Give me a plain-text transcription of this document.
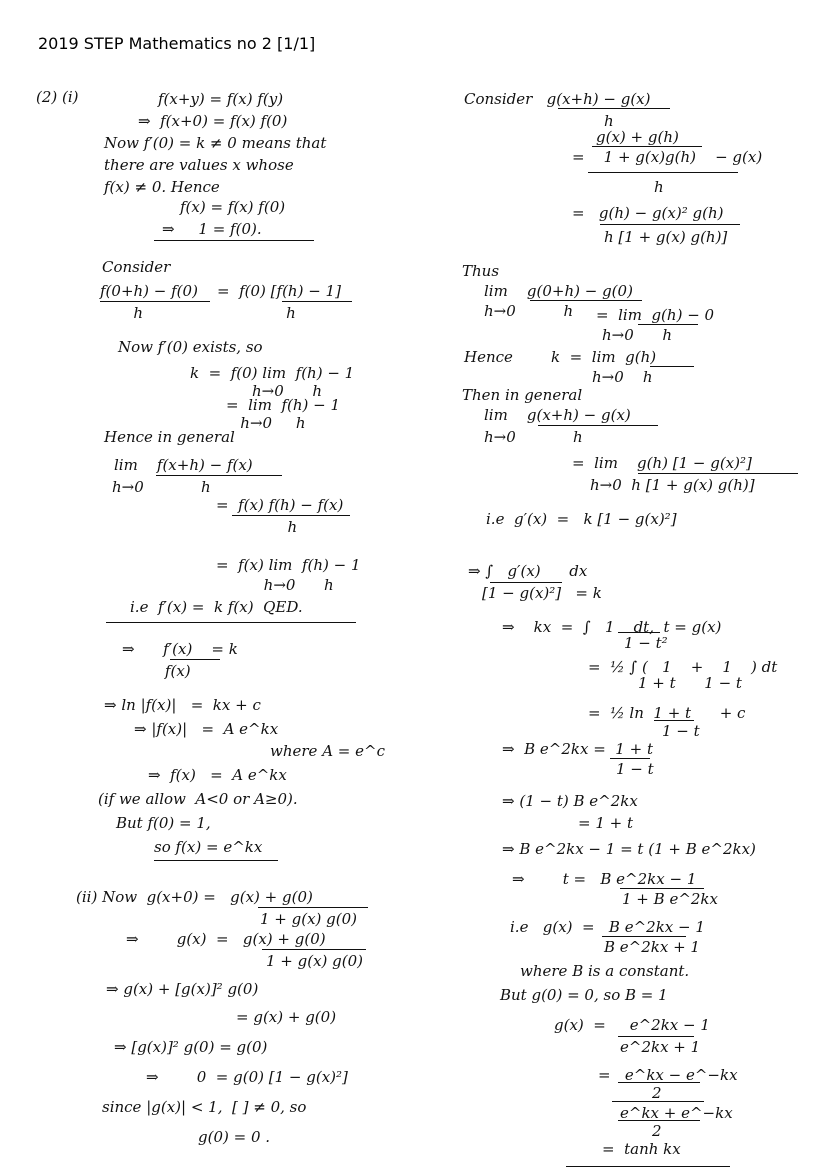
2019 STEP Mathematics no 2 [1/1]
(2) (i)	f(x+y) = f(x) f(y)
⇒  f(x+0) = f(x) f(0)
Now f′(0) = k ≠ 0 means that
there are values x whose
f(x) ≠ 0. Hence
f(x) = f(x) f(0)
⇒     1 = f(0).
Consider
f(0+h) − f(0)    =  f(0) [f(h) − 1]
h                              h
Now f′(0) exists, so
k  =  f(0) lim  f(h) − 1
h→0      h
=  lim  f(h) − 1
h→0     h
Hence in general
lim    f(x+h) − f(x)
h→0            h
=  f(x) f(h) − f(x)
h
=  f(x) lim  f(h) − 1
h→0      h
i.e  f′(x) =  k f(x)  QED.
⇒      f′(x)    = k
f(x)
⇒ ln |f(x)|   =  kx + c
⇒ |f(x)|   =  A e^kx
where A = e^c
⇒  f(x)   =  A e^kx
(if we allow  A<0 or A≥0).
But f(0) = 1,
so f(x) = e^kx
(ii) Now  g(x+0) =   g(x) + g(0)
1 + g(x) g(0)
⇒        g(x)  =   g(x) + g(0)
1 + g(x) g(0)
⇒ g(x) + [g(x)]² g(0)
= g(x) + g(0)
⇒ [g(x)]² g(0) = g(0)
⇒        0  = g(0) [1 − g(x)²]
since |g(x)| < 1,  [ ] ≠ 0, so
g(0) = 0 .
Consider   g(x+h) − g(x)
h
g(x) + g(h)
=    1 + g(x)g(h)    − g(x)
h
=   g(h) − g(x)² g(h)
h [1 + g(x) g(h)]
Thus
lim    g(0+h) − g(0)
h→0          h =  lim  g(h) − 0
h→0      h
Hence        k  =  lim  g(h)
h→0    h
Then in general
lim    g(x+h) − g(x)
h→0            h
=  lim    g(h) [1 − g(x)²]
h→0  h [1 + g(x) g(h)]
i.e  g′(x)  =   k [1 − g(x)²]
⇒ ∫   g′(x)      dx
[1 − g(x)²]   = k
⇒    kx  =  ∫   1    dt,  t = g(x)
1 − t²
=  ½ ∫ (   1    +    1    ) dt
1 + t      1 − t
=  ½ ln  1 + t      + c
1 − t
⇒  B e^2kx =  1 + t
1 − t
⇒ (1 − t) B e^2kx
= 1 + t
⇒ B e^2kx − 1 = t (1 + B e^2kx)
⇒        t =   B e^2kx − 1
1 + B e^2kx
i.e   g(x)  =   B e^2kx − 1
B e^2kx + 1
where B is a constant.
But g(0) = 0, so B = 1
g(x)  =     e^2kx − 1
e^2kx + 1
=   e^kx − e^−kx
2
e^kx + e^−kx
2
=  tanh kx
